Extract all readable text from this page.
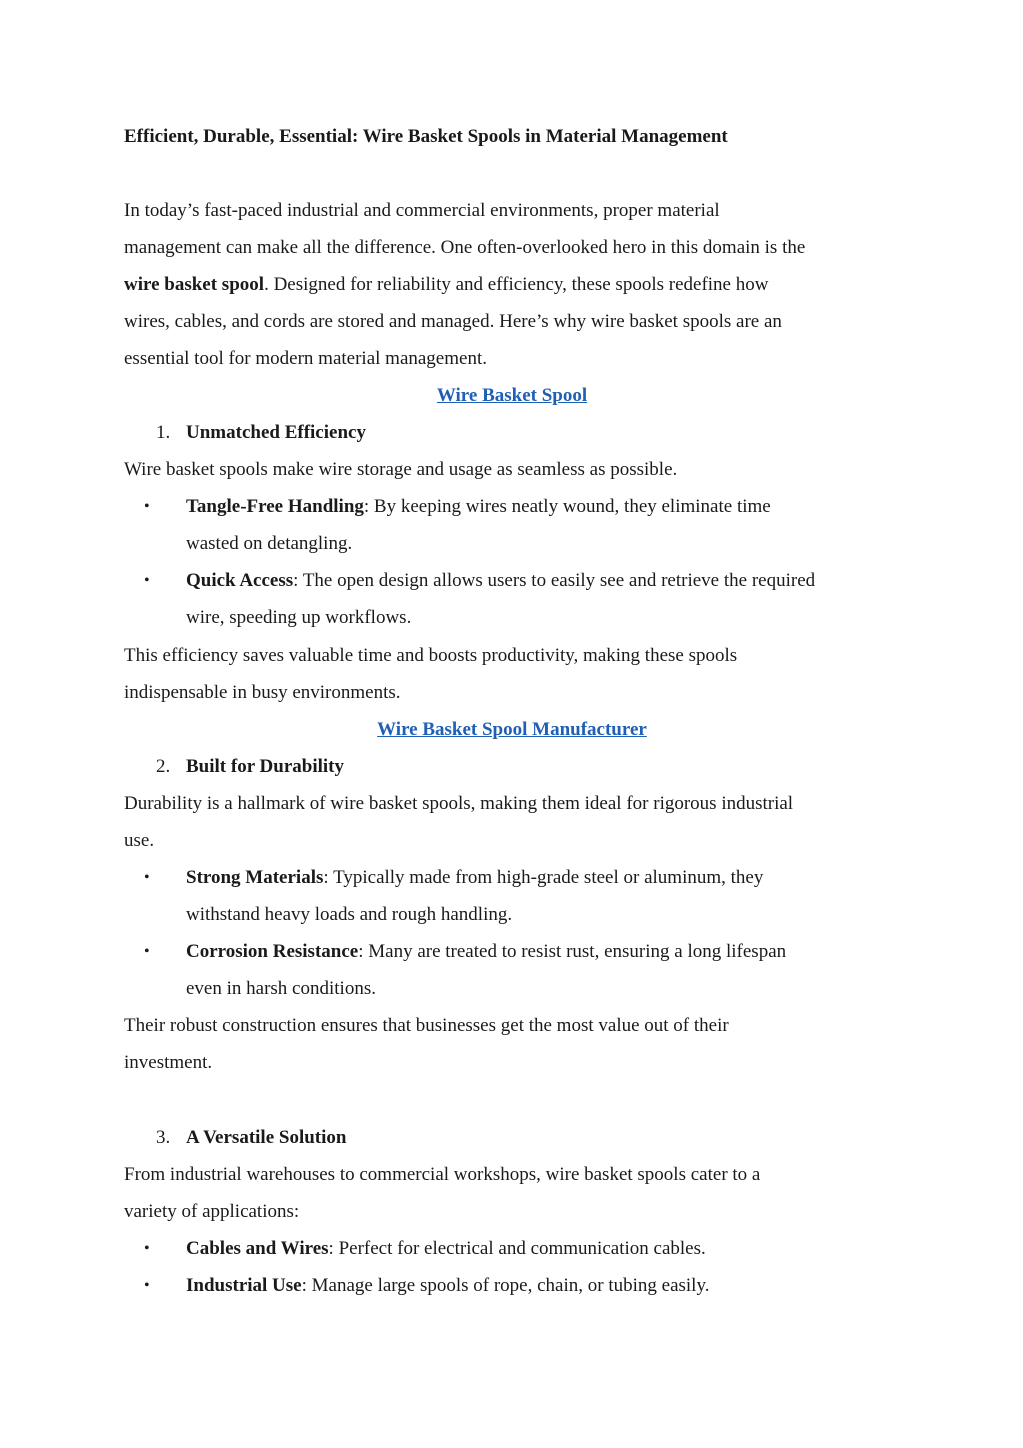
Efficient, Durable, Essential: Wire Basket Spools in Material Management
In today’s fast-paced industrial and commercial environments, proper material
management can make all the difference. One often-overlooked hero in this domain is the
wire basket spool. Designed for reliability and efficiency, these spools redefine how
wires, cables, and cords are stored and managed. Here’s why wire basket spools are an
essential tool for modern material management.
Wire Basket Spool
1. Unmatched Efficiency
Wire basket spools make wire storage and usage as seamless as possible.
• Tangle-Free Handling: By keeping wires neatly wound, they eliminate time
wasted on detangling.
• Quick Access: The open design allows users to easily see and retrieve the required
wire, speeding up workflows.
This efficiency saves valuable time and boosts productivity, making these spools
indispensable in busy environments.
Wire Basket Spool Manufacturer
2. Built for Durability
Durability is a hallmark of wire basket spools, making them ideal for rigorous industrial
use.
• Strong Materials: Typically made from high-grade steel or aluminum, they
withstand heavy loads and rough handling.
• Corrosion Resistance: Many are treated to resist rust, ensuring a long lifespan
even in harsh conditions.
Their robust construction ensures that businesses get the most value out of their
investment.
3. A Versatile Solution
From industrial warehouses to commercial workshops, wire basket spools cater to a
variety of applications:
• Cables and Wires: Perfect for electrical and communication cables.
• Industrial Use: Manage large spools of rope, chain, or tubing easily.
